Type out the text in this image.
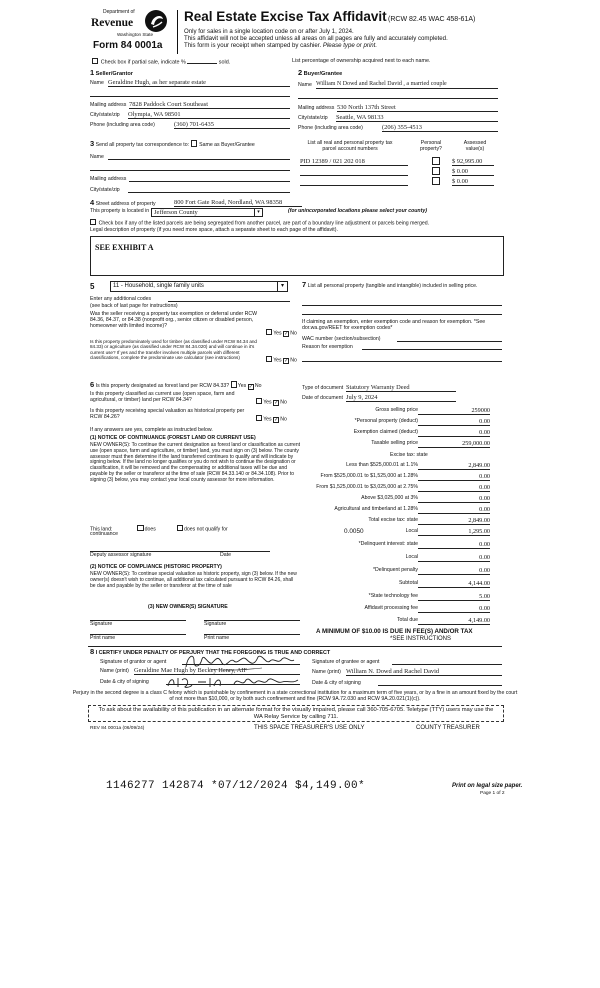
Department of
Revenue
Washington State
Form 84 0001a
Real Estate Excise Tax Affidavit (RCW 82.45 WAC 458-61A)
Only for sales in a single location code on or after July 1, 2024.
This affidavit will not be accepted unless all areas on all pages are fully and accurately completed.
This form is your receipt when stamped by cashier. Please type or print.
Check box if partial sale, indicate %	sold.	List percentage of ownership acquired next to each name.
1 Seller/Grantor
Name Geraldine Hugh, as her separate estate
Mailing address 7828 Paddock Court Southeast
City/state/zip Olympia, WA 98501
Phone (including area code)	(360) 701-6435
2 Buyer/Grantee
Name William N Dowd and Rachel David , a married couple
Mailing address 530 North 137th Street
City/state/zip Seattle, WA 98133
Phone (including area code)	(206) 355-4513
3 Send all property tax correspondence to: Same as Buyer/Grantee
Name
Mailing address
City/state/zip
List all real and personal property tax parcel account numbers
Personal property?
Assessed value(s)
PID 12389 / 021 202 018	$ 92,995.00
$ 0.00
$ 0.00
4 Street address of property	800 Fort Gate Road, Nordland, WA 98358
This property is located in Jefferson County	▾	(for unincorporated locations please select your county)
Check box if any of the listed parcels are being segregated from another parcel, are part of a boundary line adjustment or parcels being merged.
Legal description of property (if you need more space, attach a separate sheet to each page of the affidavit).
SEE EXHIBIT A
5	11 - Household, single family units	▾
Enter any additional codes
(see back of last page for instructions)
Was the seller receiving a property tax exemption or deferral under RCW 84.36, 84.37, or 84.38 (nonprofit org., senior citizen or disabled person, homeowner with limited income)?
Yes ✓ No
Is this property predominately used for timber (as classified under RCW 84.34 and 84.33) or agriculture (as classified under RCW 84.34.020) and will continue in it's current use? If yes and the transfer involves multiple parcels with different classifications, complete the predominate use calculator (see instructions)
Yes ✓ No
6 Is this property designated as forest land per RCW 84.33? Yes ✓ No
Is this property classified as current use (open space, farm and agricultural, or timber) land per RCW 84.34?	Yes ✓ No
Is this property receiving special valuation as historical property per RCW 84.26?	Yes ✓ No
If any answers are yes, complete as instructed below.
(1) NOTICE OF CONTINUANCE (FOREST LAND OR CURRENT USE)
NEW OWNER(S): To continue the current designation as forest land or classification as current use (open space, farm and agriculture, or timber) land, you must sign on (3) below. The county assessor must then determine if the land transferred continues to qualify and will indicate by signing below. If the land no longer qualifies or you do not wish to continue the designation or classification, it will be removed and the compensating or additional taxes will be due and payable by the seller or transferor at the time of sale (RCW 84.33.140 or 84.34.108). Prior to signing (3) below, you may contact your local county assessor for more information.
This land:	does	does not qualify for
continuance
Deputy assessor signature	Date
(2) NOTICE OF COMPLIANCE (HISTORIC PROPERTY)
NEW OWNER(S): To continue special valuation as historic property, sign (3) below. If the new owner(s) doesn't wish to continue, all additional tax calculated pursuant to RCW 84.26, shall be due and payable by the seller or transferor at the time of sale
(3) NEW OWNER(S) SIGNATURE
Signature	Signature
Print name	Print name
7 List all personal property (tangible and intangible) included in selling price.
If claiming an exemption, enter exemption code and reason for exemption. *See dor.wa.gov/REET for exemption codes*
WAC number (section/subsection)
Reason for exemption
Type of document Statutory Warranty Deed
Date of document July 9, 2024
Gross selling price	259000
*Personal property (deduct)	0.00
Exemption claimed (deduct)	0.00
Taxable selling price	259,000.00
Excise tax: state
Less than $525,000.01 at 1.1%	2,849.00
From $525,000.01 to $1,525,000 at 1.28%	0.00
From $1,525,000.01 to $3,025,000 at 2.75%	0.00
Above $3,025,000 at 3%	0.00
Agricultural and timberland at 1.28%	0.00
Total excise tax: state	2,849.00
0.0050	Local	1,295.00
*Delinquent interest: state	0.00
Local	0.00
*Delinquent penalty	0.00
Subtotal	4,144.00
*State technology fee	5.00
Affidavit processing fee	0.00
Total due	4,149.00
A MINIMUM OF $10.00 IS DUE IN FEE(S) AND/OR TAX
*SEE INSTRUCTIONS
8 I CERTIFY UNDER PENALTY OF PERJURY THAT THE FOREGOING IS TRUE AND CORRECT
Signature of grantor or agent
Name (print) Geraldine Mae Hugh by Beckey Henry, AIF
Date & city of signing
Signature of grantee or agent
Name (print) William N. Dowd and Rachel David
Date & city of signing
Perjury in the second degree is a class C felony which is punishable by confinement in a state correctional institution for a maximum term of five years, or by a fine in an amount fixed by the court of not more than $10,000, or by both such confinement and fine (RCW 9A.72.030 and RCW 9A.20.021(1)(c)).
To ask about the availability of this publication in an alternate format for the visually impaired, please call 360-705-6705. Teletype (TTY) users may use the WA Relay Service by calling 711.
REV 84 0001a (06/09/24)	THIS SPACE TREASURER'S USE ONLY	COUNTY TREASURER
1146277 142874 *07/12/2024 $4,149.00*	Print on legal size paper.
Page 1 of 2
